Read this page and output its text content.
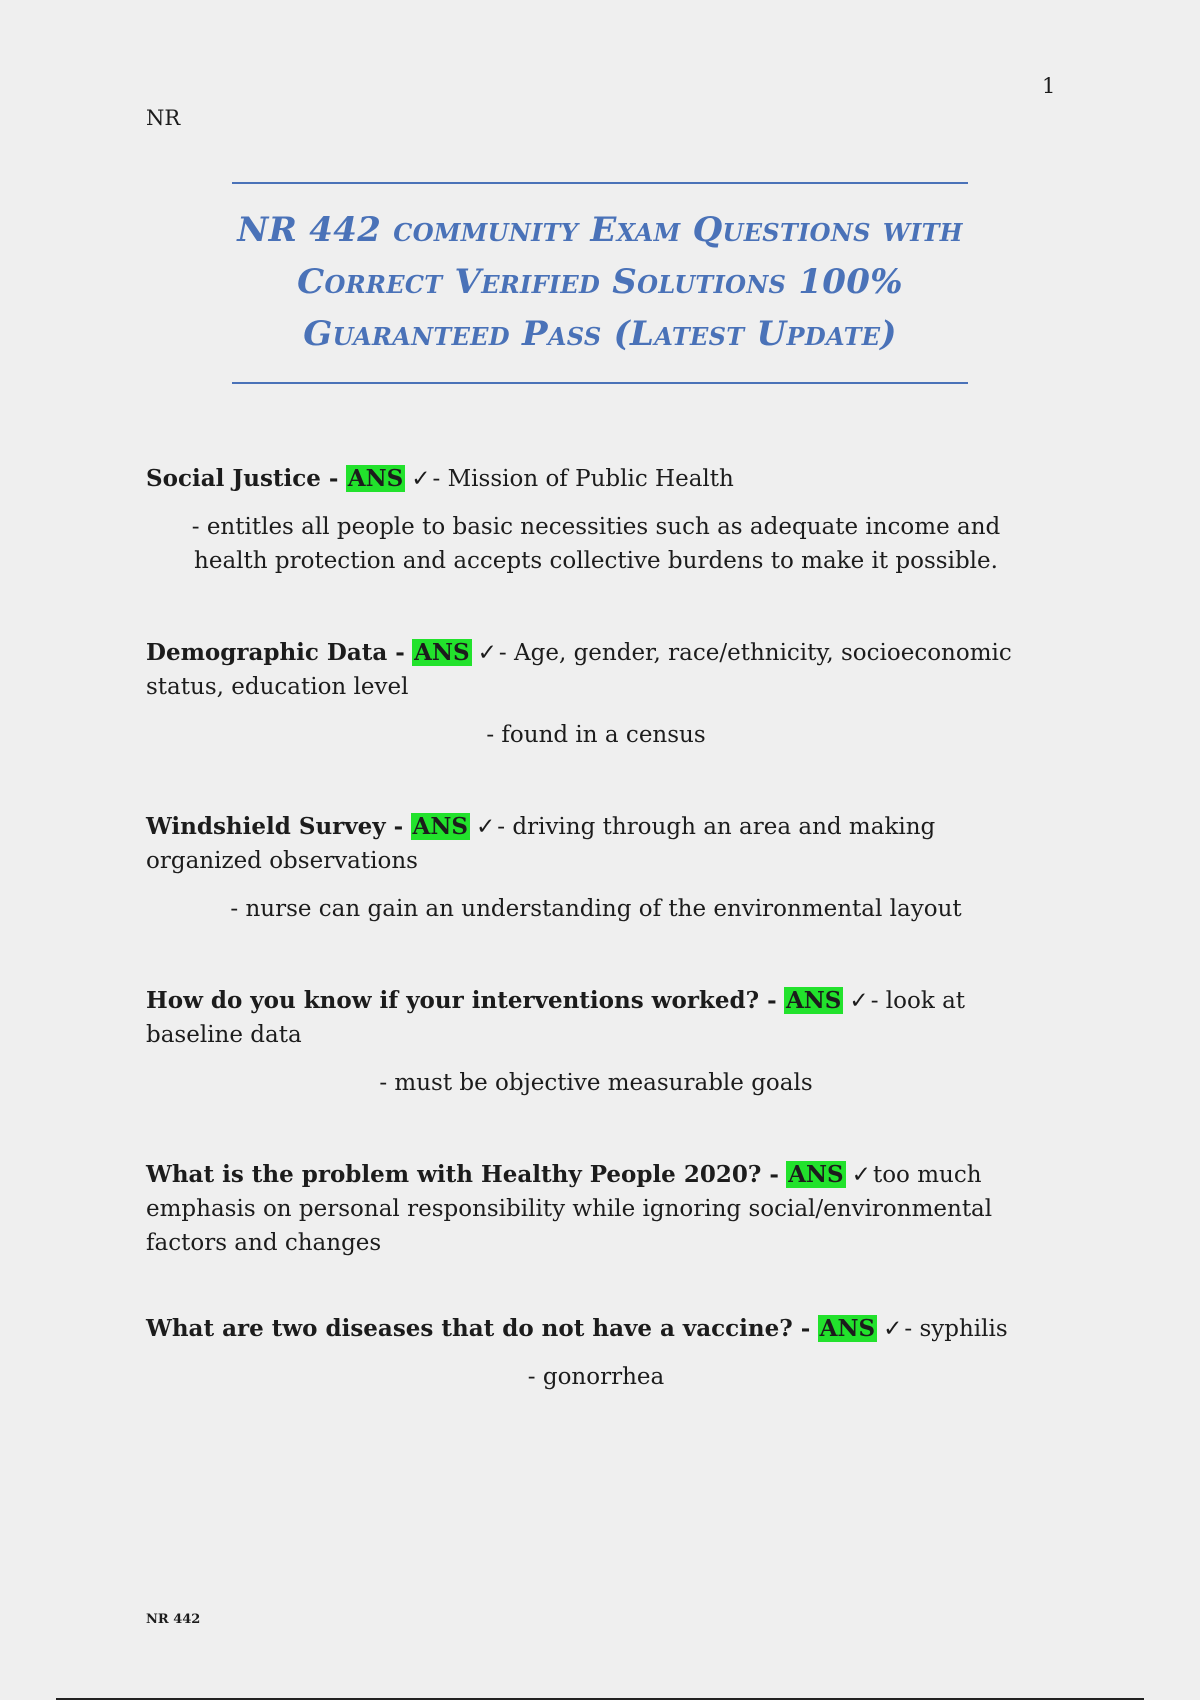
1
NR
NR 442 community Exam Questions with
Correct Verified Solutions 100%
Guaranteed Pass (Latest Update)

Social Justice - ANS ✓- Mission of Public Health

- entitles all people to basic necessities such as adequate income and health protection and accepts collective burdens to make it possible.

Demographic Data - ANS ✓- Age, gender, race/ethnicity, socioeconomic status, education level

- found in a census

Windshield Survey - ANS ✓- driving through an area and making organized observations

- nurse can gain an understanding of the environmental layout

How do you know if your interventions worked? - ANS ✓- look at baseline data

- must be objective measurable goals

What is the problem with Healthy People 2020? - ANS ✓too much emphasis on personal responsibility while ignoring social/environmental factors and changes

What are two diseases that do not have a vaccine? - ANS ✓- syphilis

- gonorrhea

NR 442
